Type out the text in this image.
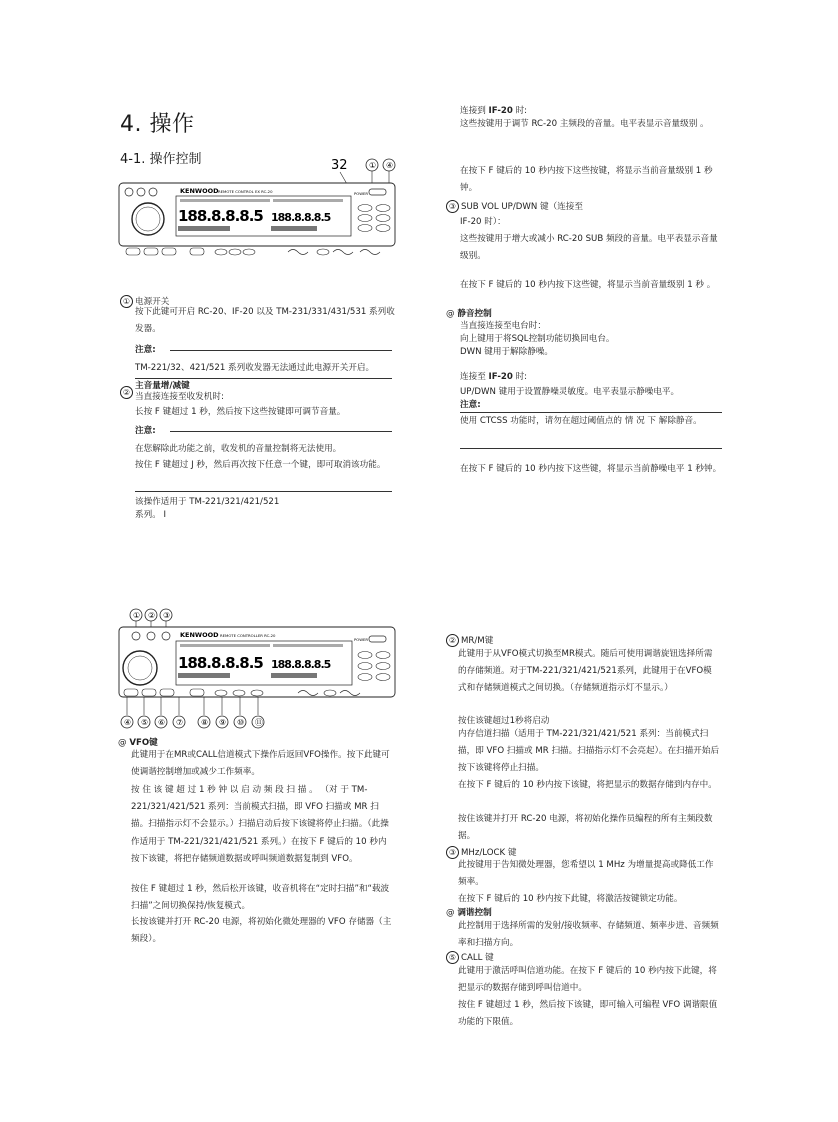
4. 操作
4-1. 操作控制	32	① ④
KENWOOD REMOTE CONTROL EX RC-20
188.8.8.8.5 188.8.8.8.5
POWER
① 电源开关
按下此键可开启 RC-20、IF-20 以及 TM-231/331/431/531 系列收发器。
注意:
TM-221/32、421/521 系列收发器无法通过此电源开关开启。
②
主音量增/减键
当直接连接至收发机时:
长按 F 键超过 1 秒，然后按下这些按键即可调节音量。
注意:
在您解除此功能之前，收发机的音量控制将无法使用。
按住 F 键超过 J 秒，然后再次按下任意一个键，即可取消该功能。
该操作适用于 TM-221/321/421/521
系列。 I
连接到 IF-20 时:
这些按键用于调节 RC-20 主频段的音量。电平表显示音量级别 。
在按下 F 键后的 10 秒内按下这些按键，将显示当前音量级别 1 秒钟。
③ SUB VOL UP/DWN 键（连接至
IF-20 时）：
这些按键用于增大或减小 RC-20 SUB 频段的音量。电平表显示音量级别。
在按下 F 键后的 10 秒内按下这些键，将显示当前音量级别 1 秒 。
@ 静音控制
当直接连接至电台时：
向上键用于将SQL控制功能切换回电台。
DWN 键用于解除静噪。
连接至 IF-20 时:
UP/DWN 键用于设置静噪灵敏度。电平表显示静噪电平。
注意:
使用 CTCSS 功能时，请勿在超过阈值点的 情 况 下 解除静音。
在按下 F 键后的 10 秒内按下这些键，将显示当前静噪电平 1 秒钟。
① ② ③
KENWOOD REMOTE CONTROLLER RC-20
188.8.8.8.5 188.8.8.8.5
POWER
④ ⑤ ⑥ ⑦ ⑧ ⑨ ⑩ ⑪
@ VFO键
此键用于在MR或CALL信道模式下操作后返回VFO操作。按下此键可使调谐控制增加或减少工作频率。
按 住 该 键 超 过 1 秒 钟 以 启 动 频 段 扫 描 。 （对 于 TM-221/321/421/521 系列：当前模式扫描，即 VFO 扫描或 MR 扫描。扫描指示灯不会显示。）扫描启动后按下该键将停止扫描。（此操作适用于 TM-221/321/421/521 系列。）在按下 F 键后的 10 秒内按下该键，将把存储频道数据或呼叫频道数据复制到 VFO。
按住 F 键超过 1 秒，然后松开该键，收音机将在“定时扫描”和“载波扫描”之间切换保持/恢复模式。
长按该键并打开 RC-20 电源，将初始化微处理器的 VFO 存储器（主频段）。
② MR/M键
此键用于从VFO模式切换至MR模式。随后可使用调谐旋钮选择所需的存储频道。对于TM-221/321/421/521系列，此键用于在VFO模式和存储频道模式之间切换。（存储频道指示灯不显示。）
按住该键超过1秒将启动
内存信道扫描（适用于 TM-221/321/421/521 系列：当前模式扫描，即 VFO 扫描或 MR 扫描。扫描指示灯不会亮起）。在扫描开始后按下该键将停止扫描。
在按下 F 键后的 10 秒内按下该键，将把显示的数据存储到内存中。
按住该键并打开 RC-20 电源，将初始化操作员编程的所有主频段数据。
③ MHz/LOCK 键
此按键用于告知微处理器，您希望以 1 MHz 为增量提高或降低工作频率。
在按下 F 键后的 10 秒内按下此键，将激活按键锁定功能。
@ 调谐控制
此控制用于选择所需的发射/接收频率、存储频道、频率步进、音频频率和扫描方向。
⑤ CALL 键
此键用于激活呼叫信道功能。在按下 F 键后的 10 秒内按下此键，将把显示的数据存储到呼叫信道中。
按住 F 键超过 1 秒，然后按下该键，即可输入可编程 VFO 调谐限值功能的下限值。
